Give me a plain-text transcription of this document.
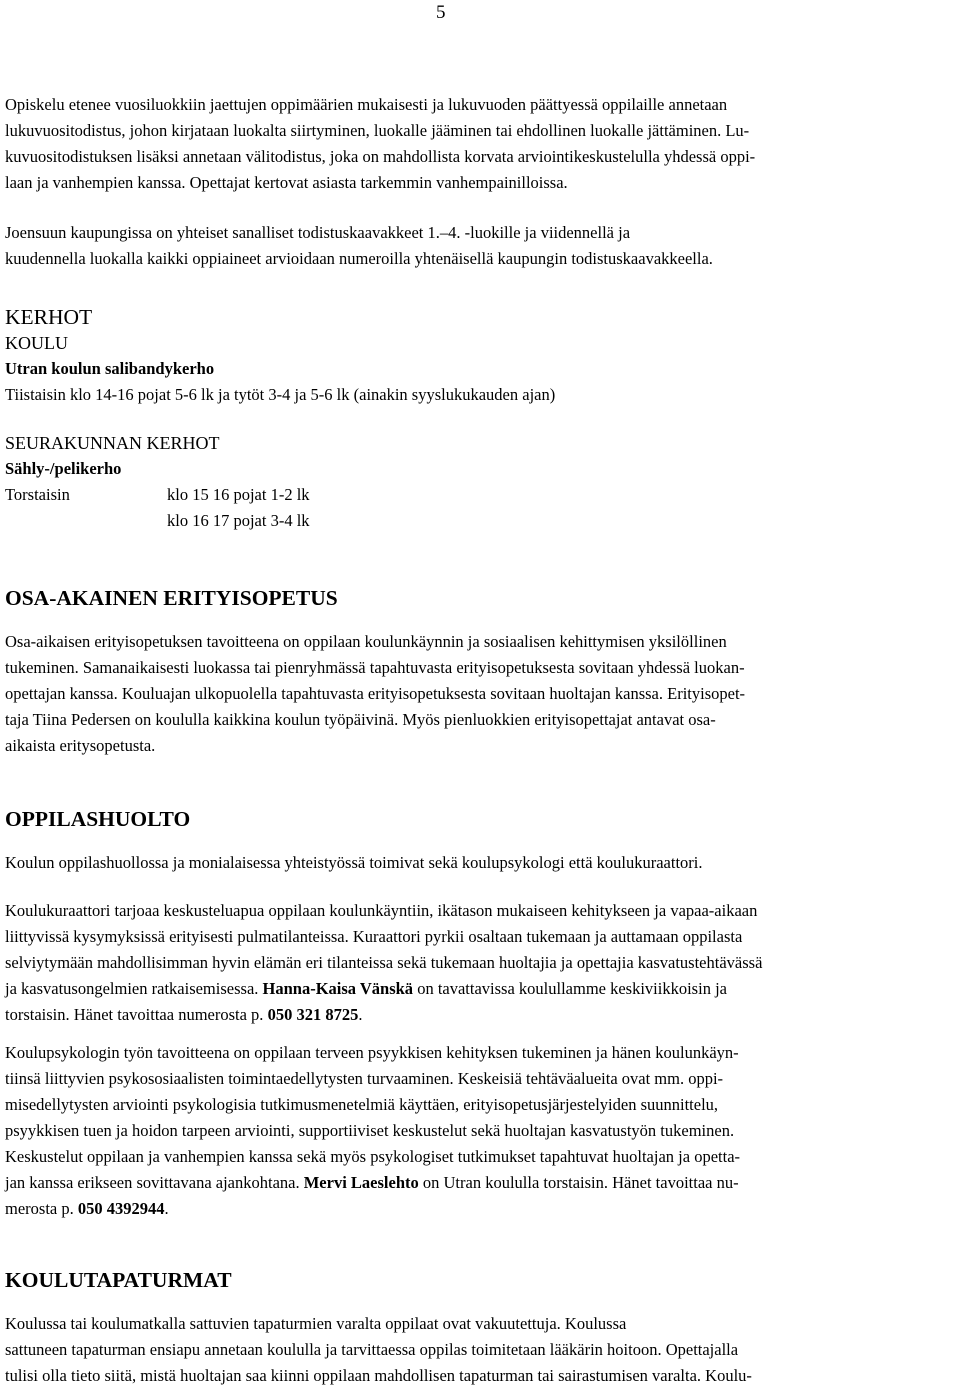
5

Opiskelu etenee vuosiluokkiin jaettujen oppimäärien mukaisesti ja lukuvuoden päättyessä oppilaille annetaan
lukuvuositodistus, johon kirjataan luokalta siirtyminen, luokalle jääminen tai ehdollinen luokalle jättäminen. Lu-
kuvuositodistuksen lisäksi annetaan välitodistus, joka on mahdollista korvata arviointikeskustelulla yhdessä oppi-
laan ja vanhempien kanssa. Opettajat kertovat asiasta tarkemmin vanhempainilloissa.

Joensuun kaupungissa on yhteiset sanalliset todistuskaavakkeet 1.–4. -luokille ja viidennellä ja
kuudennella luokalla kaikki oppiaineet arvioidaan numeroilla yhtenäisellä kaupungin todistuskaavakkeella.

KERHOT
KOULU
Utran koulun salibandykerho
Tiistaisin klo 14-16 pojat 5-6 lk ja tytöt 3-4 ja 5-6 lk (ainakin syyslukukauden ajan)
SEURAKUNNAN KERHOT
Sähly-/pelikerho
Torstaisin	klo 15 16 pojat 1-2 lk
klo 16 17 pojat 3-4 lk
OSA-AKAINEN ERITYISOPETUS

Osa-aikaisen erityisopetuksen tavoitteena on oppilaan koulunkäynnin ja sosiaalisen kehittymisen yksilöllinen
tukeminen. Samanaikaisesti luokassa tai pienryhmässä tapahtuvasta erityisopetuksesta sovitaan yhdessä luokan-
opettajan kanssa. Kouluajan ulkopuolella tapahtuvasta erityisopetuksesta sovitaan huoltajan kanssa. Erityisopet-
taja Tiina Pedersen on koululla kaikkina koulun työpäivinä. Myös pienluokkien erityisopettajat antavat osa-
aikaista eritysopetusta.

OPPILASHUOLTO

Koulun oppilashuollossa ja monialaisessa yhteistyössä toimivat sekä koulupsykologi että koulukuraattori.

Koulukuraattori tarjoaa keskusteluapua oppilaan koulunkäyntiin, ikätason mukaiseen kehitykseen ja vapaa-aikaan
liittyvissä kysymyksissä erityisesti pulmatilanteissa. Kuraattori pyrkii osaltaan tukemaan ja auttamaan oppilasta
selviytymään mahdollisimman hyvin elämän eri tilanteissa sekä tukemaan huoltajia ja opettajia kasvatustehtävässä
ja kasvatusongelmien ratkaisemisessa. Hanna-Kaisa Vänskä on tavattavissa koulullamme keskiviikkoisin ja
torstaisin. Hänet tavoittaa numerosta p. 050 321 8725.

Koulupsykologin työn tavoitteena on oppilaan terveen psyykkisen kehityksen tukeminen ja hänen koulunkäyn-
tiinsä liittyvien psykososiaalisten toimintaedellytysten turvaaminen. Keskeisiä tehtäväalueita ovat mm. oppi-
misedellytysten arviointi psykologisia tutkimusmenetelmiä käyttäen, erityisopetusjärjestelyiden suunnittelu,
psyykkisen tuen ja hoidon tarpeen arviointi, supportiiviset keskustelut sekä huoltajan kasvatustyön tukeminen.
Keskustelut oppilaan ja vanhempien kanssa sekä myös psykologiset tutkimukset tapahtuvat huoltajan ja opetta-
jan kanssa erikseen sovittavana ajankohtana. Mervi Laeslehto on Utran koululla torstaisin. Hänet tavoittaa nu-
merosta p. 050 4392944.

KOULUTAPATURMAT

Koulussa tai koulumatkalla sattuvien tapaturmien varalta oppilaat ovat vakuutettuja. Koulussa
sattuneen tapaturman ensiapu annetaan koululla ja tarvittaessa oppilas toimitetaan lääkärin hoitoon. Opettajalla
tulisi olla tieto siitä, mistä huoltajan saa kiinni oppilaan mahdollisen tapaturman tai sairastumisen varalta. Koulu-
